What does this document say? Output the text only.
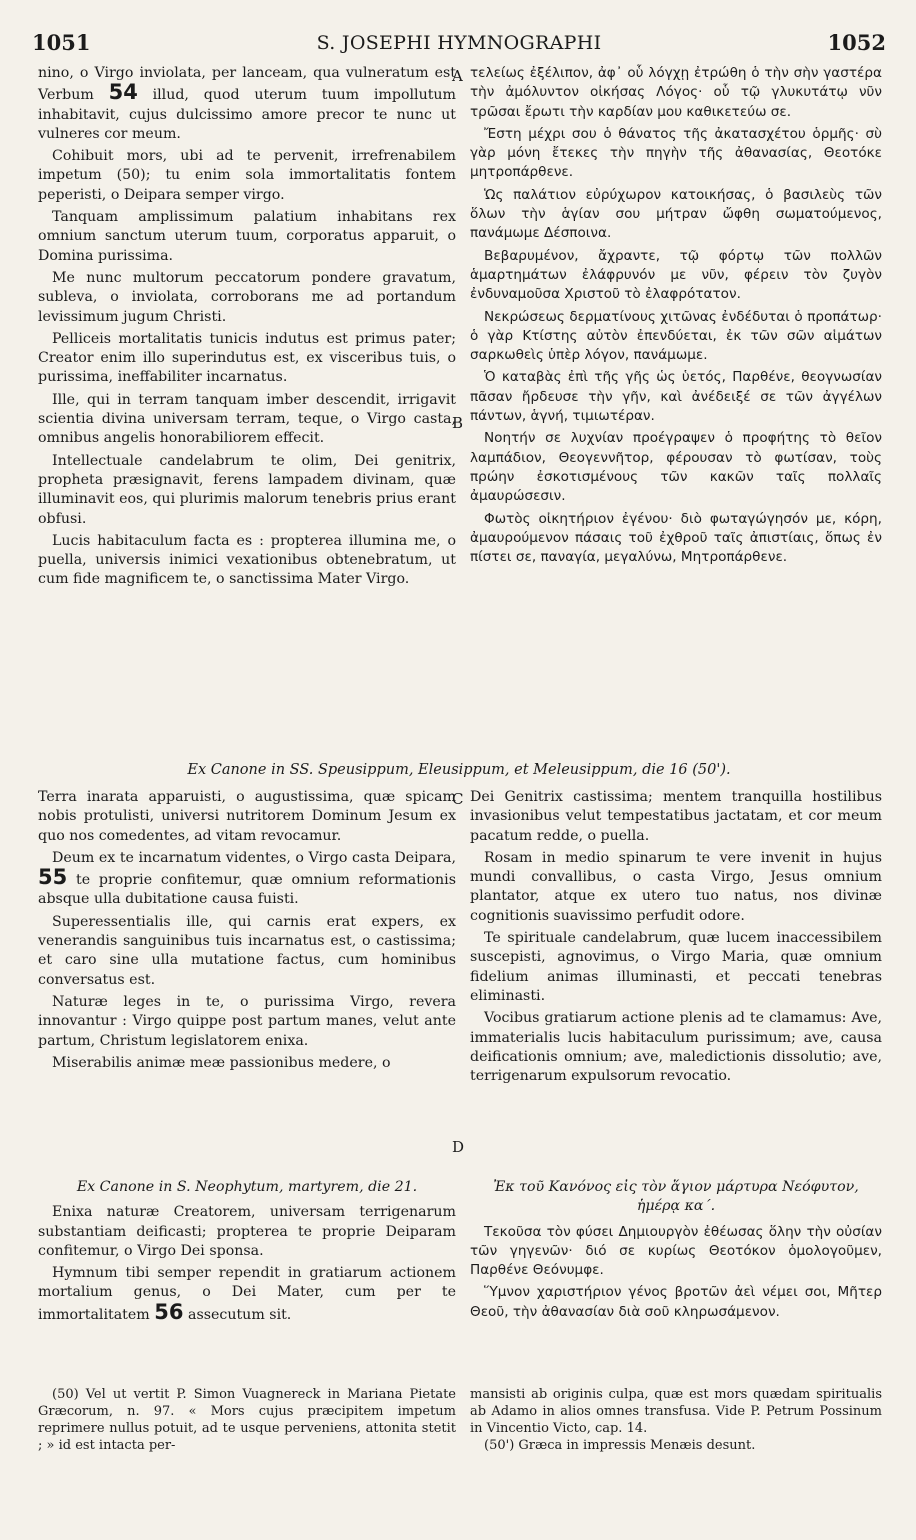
1051	S. JOSEPHI HYMNOGRAPHI	1052

nino, o Virgo inviolata, per lanceam, qua vulneratum est Verbum 54 illud, quod uterum tuum impollutum inhabitavit, cujus dulcissimo amore precor te nunc ut vulneres cor meum.

Cohibuit mors, ubi ad te pervenit, irrefrenabilem impetum (50); tu enim sola immortalitatis fontem peperisti, o Deipara semper virgo.

Tanquam amplissimum palatium inhabitans rex omnium sanctum uterum tuum, corporatus apparuit, o Domina purissima.

Me nunc multorum peccatorum pondere gravatum, subleva, o inviolata, corroborans me ad portandum levissimum jugum Christi.

Pelliceis mortalitatis tunicis indutus est primus pater; Creator enim illo superindutus est, ex visceribus tuis, o purissima, ineffabiliter incarnatus.

Ille, qui in terram tanquam imber descendit, irrigavit scientia divina universam terram, teque, o Virgo casta, omnibus angelis honorabiliorem effecit.

Intellectuale candelabrum te olim, Dei genitrix, propheta præsignavit, ferens lampadem divinam, quæ illuminavit eos, qui plurimis malorum tenebris prius erant obfusi.

Lucis habitaculum facta es : propterea illumina me, o puella, universis inimici vexationibus obtenebratum, ut cum fide magnificem te, o sanctissima Mater Virgo.

A
B

τελείως ἐξέλιπον, ἀφ᾽ οὗ λόγχῃ ἐτρώθη ὁ τὴν σὴν γαστέρα τὴν ἀμόλυντον οἰκήσας Λόγος· οὗ τῷ γλυκυτάτῳ νῦν τρῶσαι ἔρωτι τὴν καρδίαν μου καθικετεύω σε.

Ἔστη μέχρι σου ὁ θάνατος τῆς ἀκατασχέτου ὁρμῆς· σὺ γὰρ μόνη ἔτεκες τὴν πηγὴν τῆς ἀθανασίας, Θεοτόκε μητροπάρθενε.

Ὡς παλάτιον εὐρύχωρον κατοικήσας, ὁ βασιλεὺς τῶν ὅλων τὴν ἁγίαν σου μήτραν ὤφθη σωματούμενος, πανάμωμε Δέσποινα.

Βεβαρυμένον, ἄχραντε, τῷ φόρτῳ τῶν πολλῶν ἁμαρτημάτων ἐλάφρυνόν με νῦν, φέρειν τὸν ζυγὸν ἐνδυναμοῦσα Χριστοῦ τὸ ἐλαφρότατον.

Νεκρώσεως δερματίνους χιτῶνας ἐνδέδυται ὁ προπάτωρ· ὁ γὰρ Κτίστης αὐτὸν ἐπενδύεται, ἐκ τῶν σῶν αἱμάτων σαρκωθεὶς ὑπὲρ λόγον, πανάμωμε.

Ὁ καταβὰς ἐπὶ τῆς γῆς ὡς ὑετός, Παρθένε, θεογνωσίαν πᾶσαν ἤρδευσε τὴν γῆν, καὶ ἀνέδειξέ σε τῶν ἀγγέλων πάντων, ἁγνή, τιμιωτέραν.

Νοητήν σε λυχνίαν προέγραψεν ὁ προφήτης τὸ θεῖον λαμπάδιον, Θεογεννῆτορ, φέρουσαν τὸ φωτίσαν, τοὺς πρώην ἐσκοτισμένους τῶν κακῶν ταῖς πολλαῖς ἀμαυρώσεσιν.

Φωτὸς οἰκητήριον ἐγένου· διὸ φωταγώγησόν με, κόρη, ἀμαυρούμενον πάσαις τοῦ ἐχθροῦ ταῖς ἀπιστίαις, ὅπως ἐν πίστει σε, παναγία, μεγαλύνω, Μητροπάρθενε.

Ex Canone in SS. Speusippum, Eleusippum, et Meleusippum, die 16 (50').

Terra inarata apparuisti, o augustissima, quæ spicam nobis protulisti, universi nutritorem Dominum Jesum ex quo nos comedentes, ad vitam revocamur.

Deum ex te incarnatum videntes, o Virgo casta Deipara, 55 te proprie confitemur, quæ omnium reformationis absque ulla dubitatione causa fuisti.

Superessentialis ille, qui carnis erat expers, ex venerandis sanguinibus tuis incarnatus est, o castissima; et caro sine ulla mutatione factus, cum hominibus conversatus est.

Naturæ leges in te, o purissima Virgo, revera innovantur : Virgo quippe post partum manes, velut ante partum, Christum legislatorem enixa.

Miserabilis animæ meæ passionibus medere, o

C
D

Dei Genitrix castissima; mentem tranquilla hostilibus invasionibus velut tempestatibus jactatam, et cor meum pacatum redde, o puella.

Rosam in medio spinarum te vere invenit in hujus mundi convallibus, o casta Virgo, Jesus omnium plantator, atque ex utero tuo natus, nos divinæ cognitionis suavissimo perfudit odore.

Te spirituale candelabrum, quæ lucem inaccessibilem suscepisti, agnovimus, o Virgo Maria, quæ omnium fidelium animas illuminasti, et peccati tenebras eliminasti.

Vocibus gratiarum actione plenis ad te clamamus: Ave, immaterialis lucis habitaculum purissimum; ave, causa deificationis omnium; ave, maledictionis dissolutio; ave, terrigenarum expulsorum revocatio.

Ex Canone in S. Neophytum, martyrem, die 21.

Enixa naturæ Creatorem, universam terrigenarum substantiam deificasti; propterea te proprie Deiparam confitemur, o Virgo Dei sponsa.

Hymnum tibi semper rependit in gratiarum actionem mortalium genus, o Dei Mater, cum per te immortalitatem 56 assecutum sit.

Ἐκ τοῦ Κανόνος εἰς τὸν ἅγιον μάρτυρα Νεόφυτον, ἡμέρᾳ κα΄.

Τεκοῦσα τὸν φύσει Δημιουργὸν ἐθέωσας ὅλην τὴν οὐσίαν τῶν γηγενῶν· διό σε κυρίως Θεοτόκον ὁμολογοῦμεν, Παρθένε Θεόνυμφε.

Ὕμνον χαριστήριον γένος βροτῶν ἀεὶ νέμει σοι, Μῆτερ Θεοῦ, τὴν ἀθανασίαν διὰ σοῦ κληρωσάμενον.

(50) Vel ut vertit P. Simon Vuagnereck in Mariana Pietate Græcorum, n. 97. « Mors cujus præcipitem impetum reprimere nullus potuit, ad te usque perveniens, attonita stetit ; » id est intacta per-

mansisti ab originis culpa, quæ est mors quædam spiritualis ab Adamo in alios omnes transfusa. Vide P. Petrum Possinum in Vincentio Victo, cap. 14.

(50') Græca in impressis Menæis desunt.
